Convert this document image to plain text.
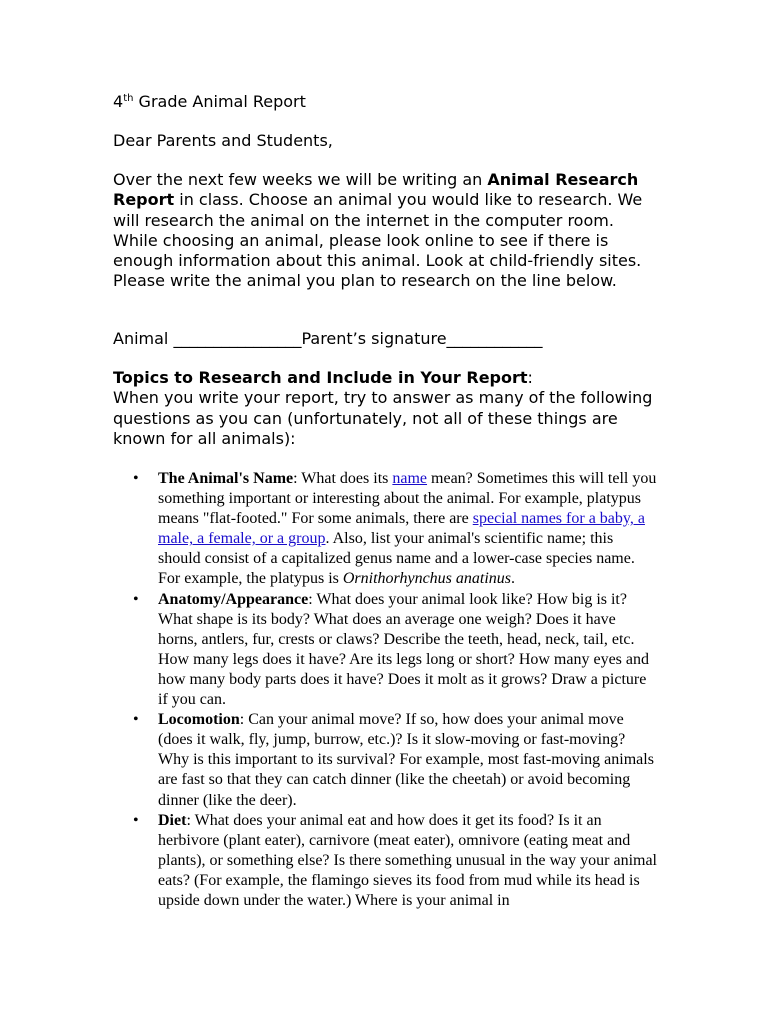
4th Grade Animal Report
Dear Parents and Students,
Over the next few weeks we will be writing an Animal Research Report in class. Choose an animal you would like to research. We will research the animal on the internet in the computer room. While choosing an animal, please look online to see if there is enough information about this animal. Look at child-friendly sites. Please write the animal you plan to research on the line below.
Animal ________________Parent’s signature____________
Topics to Research and Include in Your Report:
When you write your report, try to answer as many of the following questions as you can (unfortunately, not all of these things are known for all animals):
• The Animal's Name: What does its name mean? Sometimes this will tell you something important or interesting about the animal. For example, platypus means "flat-footed." For some animals, there are special names for a baby, a male, a female, or a group. Also, list your animal's scientific name; this should consist of a capitalized genus name and a lower-case species name. For example, the platypus is Ornithorhynchus anatinus.
• Anatomy/Appearance: What does your animal look like? How big is it? What shape is its body? What does an average one weigh? Does it have horns, antlers, fur, crests or claws? Describe the teeth, head, neck, tail, etc. How many legs does it have? Are its legs long or short? How many eyes and how many body parts does it have? Does it molt as it grows? Draw a picture if you can.
• Locomotion: Can your animal move? If so, how does your animal move (does it walk, fly, jump, burrow, etc.)? Is it slow-moving or fast-moving? Why is this important to its survival? For example, most fast-moving animals are fast so that they can catch dinner (like the cheetah) or avoid becoming dinner (like the deer).
• Diet: What does your animal eat and how does it get its food? Is it an herbivore (plant eater), carnivore (meat eater), omnivore (eating meat and plants), or something else? Is there something unusual in the way your animal eats? (For example, the flamingo sieves its food from mud while its head is upside down under the water.) Where is your animal in
